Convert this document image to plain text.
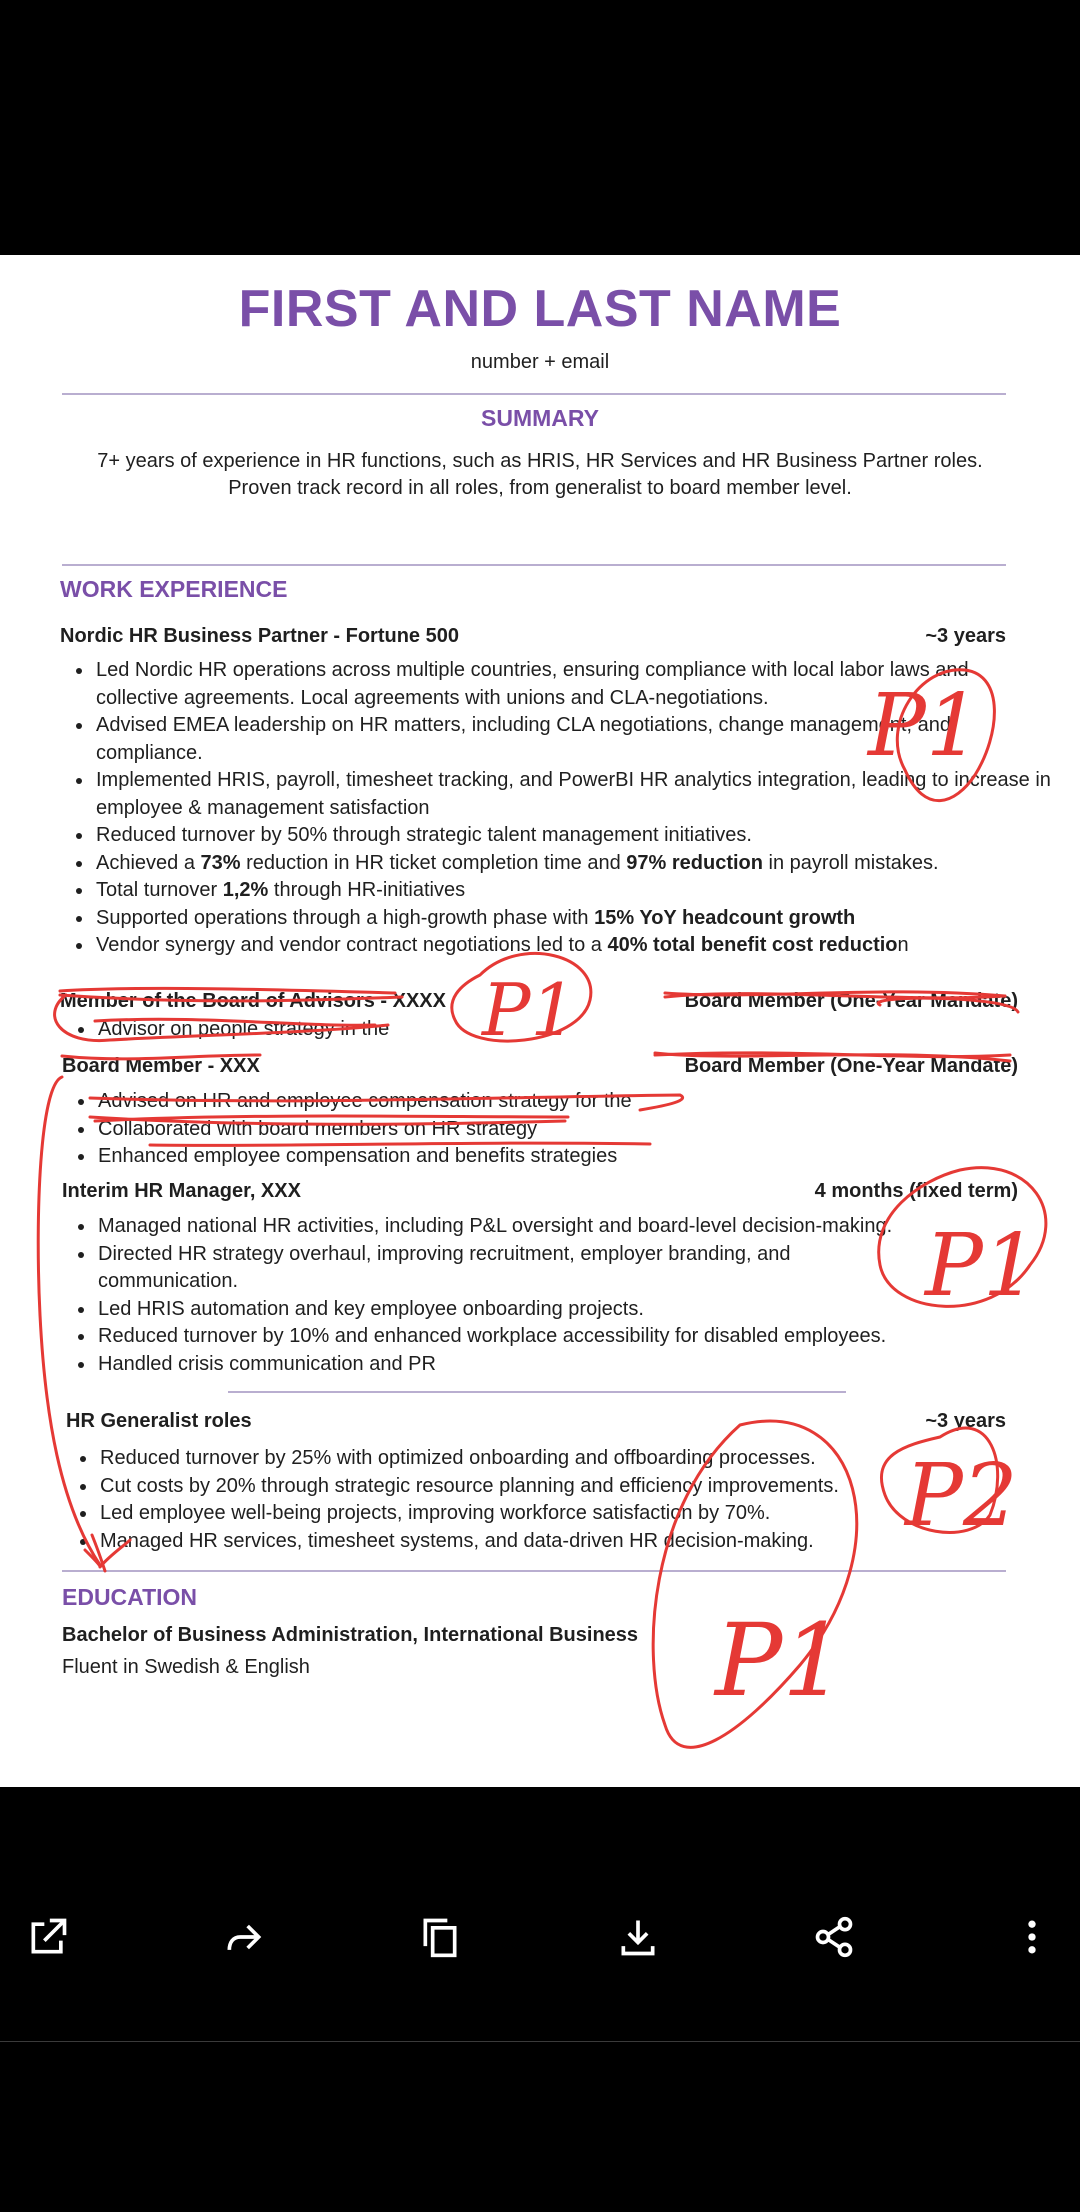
FIRST AND LAST NAME
number + email
SUMMARY
7+ years of experience in HR functions, such as HRIS, HR Services and HR Business Partner roles.
Proven track record in all roles, from generalist to board member level.
WORK EXPERIENCE
Nordic HR Business Partner - Fortune 500	~3 years
• Led Nordic HR operations across multiple countries, ensuring compliance with local labor laws and collective agreements. Local agreements with unions and CLA-negotiations.
• Advised EMEA leadership on HR matters, including CLA negotiations, change management, and compliance.
• Implemented HRIS, payroll, timesheet tracking, and PowerBI HR analytics integration, leading to increase in employee & management satisfaction
• Reduced turnover by 50% through strategic talent management initiatives.
• Achieved a 73% reduction in HR ticket completion time and 97% reduction in payroll mistakes.
• Total turnover 1,2% through HR-initiatives
• Supported operations through a high-growth phase with 15% YoY headcount growth
• Vendor synergy and vendor contract negotiations led to a 40% total benefit cost reduction
Member of the Board of Advisors - XXXX	Board Member (One-Year Mandate)
• Advisor on people strategy in the
Board Member - XXX	Board Member (One-Year Mandate)
• Advised on HR and employee compensation strategy for the
• Collaborated with board members on HR strategy
• Enhanced employee compensation and benefits strategies
Interim HR Manager, XXX	4 months (fixed term)
• Managed national HR activities, including P&L oversight and board-level decision-making.
• Directed HR strategy overhaul, improving recruitment, employer branding, and communication.
• Led HRIS automation and key employee onboarding projects.
• Reduced turnover by 10% and enhanced workplace accessibility for disabled employees.
• Handled crisis communication and PR
HR Generalist roles	~3 years
• Reduced turnover by 25% with optimized onboarding and offboarding processes.
• Cut costs by 20% through strategic resource planning and efficiency improvements.
• Led employee well-being projects, improving workforce satisfaction by 70%.
• Managed HR services, timesheet systems, and data-driven HR decision-making.
EDUCATION
Bachelor of Business Administration, International Business
Fluent in Swedish & English
P1
P1
P1
P2
P1
